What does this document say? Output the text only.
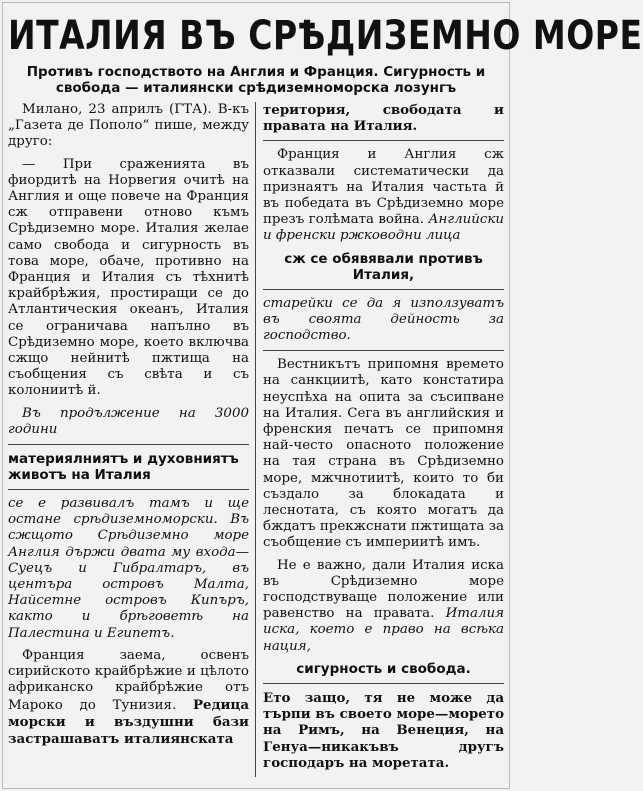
ИТАЛИЯ ВЪ СРѢДИЗЕМНО МОРЕ
Противъ господството на Англия и Франция. Сигурность и свобода — италиянски срѣдиземноморска лозунгъ

Милано, 23 априлъ (ГТА). В-къ „Газета де Пополо“ пише, между друго:

— При сраженията въ фиордитѣ на Норвегия очитѣ на Англия и още повече на Франция сж отправени отново къмъ Срѣдиземно море. Италия желае само свобода и сигурность въ това море, обаче, противно на Франция и Италия съ тѣхнитѣ крайбрѣжия, простиращи се до Атлантическия океанъ, Италия се ограничава напълно въ Срѣдиземно море, което включва сжщо нейнитѣ пжтища на съобщения съ свѣта и съ колониитѣ й.

Въ продължение на 3000 години

материялниятъ и духовниятъ животъ на Италия

се е развивалъ тамъ и ще остане срѣдиземноморски. Въ сжщото Срѣдиземно море Англия държи двата му входа—Суецъ и Гибралтаръ, въ центъра островъ Малта, Найсетне островъ Кипъръ, както и брѣговетѣ на Палестина и Египетъ.

Франция заема, освенъ сирийското крайбрѣжие и цѣлото африканско крайбрѣжие отъ Мароко до Тунизия. Редица морски и въздушни бази застрашаватъ италиянската

територия, свободата и правата на Италия.

Франция и Англия сж отказвали систематически да признаятъ на Италия частьта й въ победата въ Срѣдиземно море презъ голѣмата война. Английски и френски ржководни лица

сж се обявявали противъ Италия,

старейки се да я използуватъ въ своята дейность за господство.

Вестникътъ припомня времето на санкциитѣ, като констатира неуспѣха на опита за съсипване на Италия. Сега въ английския и френския печатъ се припомня най-често опасното положение на тая страна въ Срѣдиземно море, мжчнотиитѣ, които то би създало за блокадата и леснотата, съ която могатъ да бждатъ прекжснати пжтищата за съобщение съ империитѣ имъ.

Не е важно, дали Италия иска въ Срѣдиземно море господствуваще положение или равенство на правата. Италия иска, което е право на всѣка нация,

сигурность и свобода.

Ето защо, тя не може да търпи въ своето море—морето на Римъ, на Венеция, на Генуа—никакъвъ другъ господаръ на моретата.
